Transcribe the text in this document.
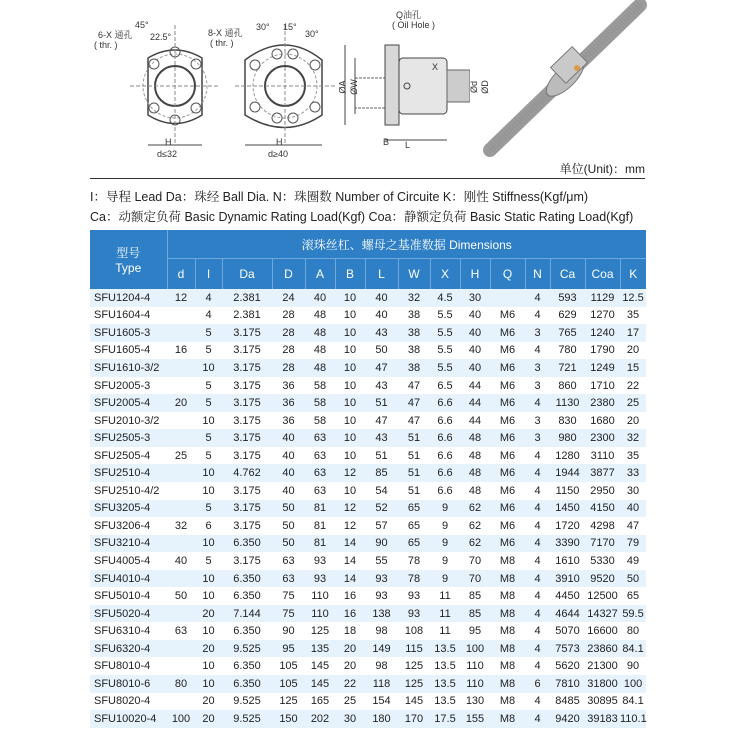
6-X 通孔
( thr. )
45°
22.5°
H
d≤32
8-X 通孔
( thr. )
30° 15°
30°
H
d≥40
Q油孔
( Oil Hole )
ØA ØW
B L
X
Ød ØD
单位(Unit)：mm
I：导程 Lead Da：珠经 Ball Dia. N：珠圈数 Number of Circuite K：刚性 Stiffness(Kgf/μm)
Ca：动额定负荷 Basic Dynamic Rating Load(Kgf) Coa：静额定负荷 Basic Static Rating Load(Kgf)
型号
Type	滚珠丝杠、螺母之基准数据 Dimensions														
	d	I	Da	D	A	B	L	W	X	H	Q	N	Ca	Coa	K
SFU1204-4	12	4	2.381	24	40	10	40	32	4.5	30		4	593	1129	12.5
SFU1604-4		4	2.381	28	48	10	40	38	5.5	40	M6	4	629	1270	35
SFU1605-3		5	3.175	28	48	10	43	38	5.5	40	M6	3	765	1240	17
SFU1605-4	16	5	3.175	28	48	10	50	38	5.5	40	M6	4	780	1790	20
SFU1610-3/2		10	3.175	28	48	10	47	38	5.5	40	M6	3	721	1249	15
SFU2005-3		5	3.175	36	58	10	43	47	6.5	44	M6	3	860	1710	22
SFU2005-4	20	5	3.175	36	58	10	51	47	6.6	44	M6	4	1130	2380	25
SFU2010-3/2		10	3.175	36	58	10	47	47	6.6	44	M6	3	830	1680	20
SFU2505-3		5	3.175	40	63	10	43	51	6.6	48	M6	3	980	2300	32
SFU2505-4	25	5	3.175	40	63	10	51	51	6.6	48	M6	4	1280	3110	35
SFU2510-4		10	4.762	40	63	12	85	51	6.6	48	M6	4	1944	3877	33
SFU2510-4/2		10	3.175	40	63	10	54	51	6.6	48	M6	4	1150	2950	30
SFU3205-4		5	3.175	50	81	12	52	65	9	62	M6	4	1450	4150	40
SFU3206-4	32	6	3.175	50	81	12	57	65	9	62	M6	4	1720	4298	47
SFU3210-4		10	6.350	50	81	14	90	65	9	62	M6	4	3390	7170	79
SFU4005-4	40	5	3.175	63	93	14	55	78	9	70	M8	4	1610	5330	49
SFU4010-4		10	6.350	63	93	14	93	78	9	70	M8	4	3910	9520	50
SFU5010-4	50	10	6.350	75	110	16	93	93	11	85	M8	4	4450	12500	65
SFU5020-4		20	7.144	75	110	16	138	93	11	85	M8	4	4644	14327	59.5
SFU6310-4	63	10	6.350	90	125	18	98	108	11	95	M8	4	5070	16600	80
SFU6320-4		20	9.525	95	135	20	149	115	13.5	100	M8	4	7573	23860	84.1
SFU8010-4		10	6.350	105	145	20	98	125	13.5	110	M8	4	5620	21300	90
SFU8010-6	80	10	6.350	105	145	22	118	125	13.5	110	M8	6	7810	31800	100
SFU8020-4		20	9.525	125	165	25	154	145	13.5	130	M8	4	8485	30895	84.1
SFU10020-4	100	20	9.525	150	202	30	180	170	17.5	155	M8	4	9420	39183	110.1
